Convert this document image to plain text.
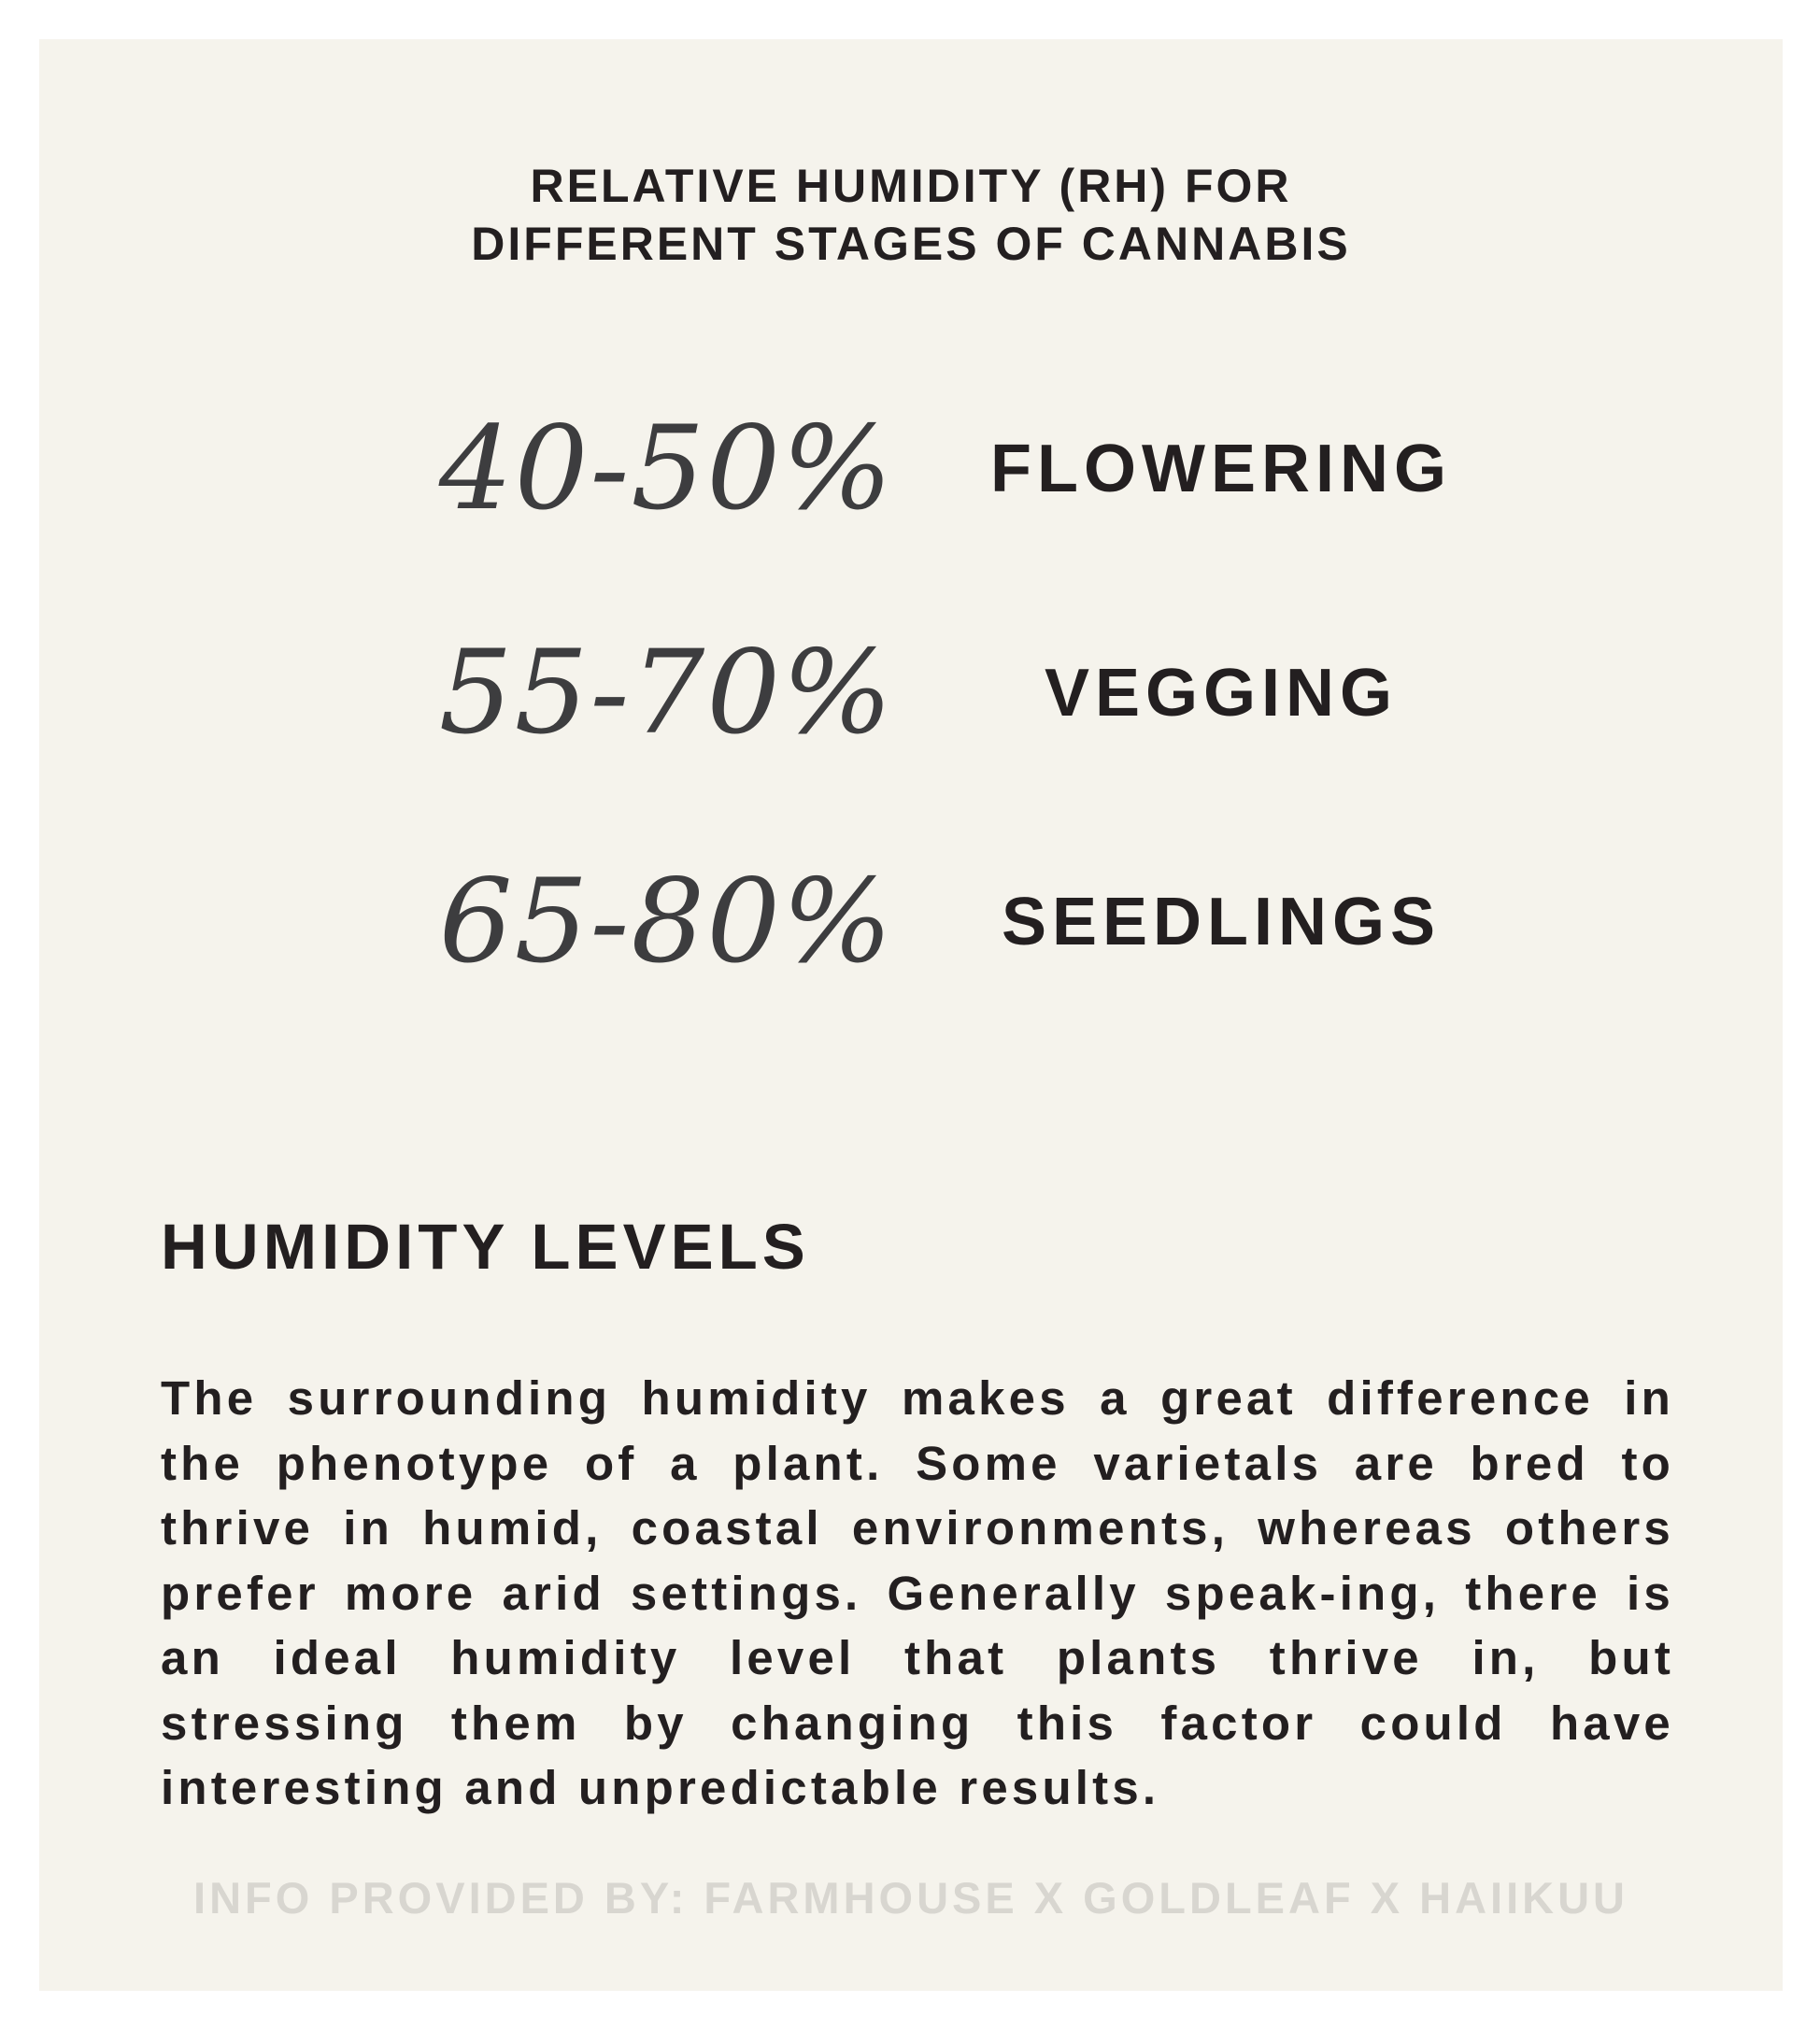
RELATIVE HUMIDITY (RH) FOR
DIFFERENT STAGES OF CANNABIS
40-50%	FLOWERING
55-70%	VEGGING
65-80%	SEEDLINGS
HUMIDITY LEVELS

The surrounding humidity makes a great difference in the phenotype of a plant. Some varietals are bred to thrive in humid, coastal environments, whereas others prefer more arid settings. Generally speak-ing, there is an ideal humidity level that plants thrive in, but stressing them by changing this factor could have interesting and unpredictable results.

INFO PROVIDED BY: FARMHOUSE X GOLDLEAF X HAIIKUU
